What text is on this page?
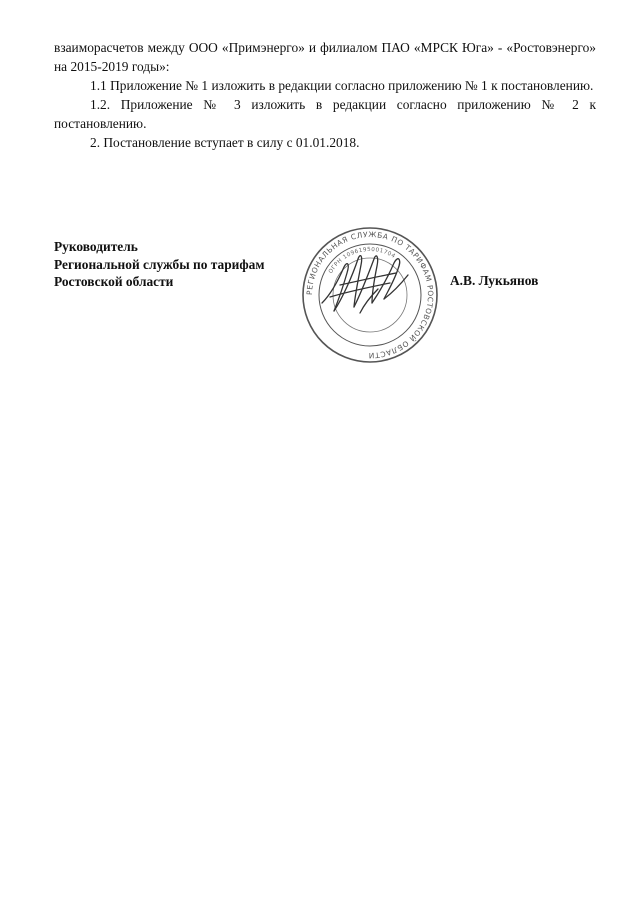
взаиморасчетов между ООО «Примэнерго» и филиалом ПАО «МРСК Юга» - «Ростовэнерго» на 2015-2019 годы»:

1.1 Приложение № 1 изложить в редакции согласно приложению № 1 к постановлению.

1.2. Приложение № 3 изложить в редакции согласно приложению № 2 к постановлению.

2. Постановление вступает в силу с 01.01.2018.

Руководитель
Региональной службы по тарифам
Ростовской области
РЕГИОНАЛЬНАЯ СЛУЖБА ПО ТАРИФАМ РОСТОВСКОЙ ОБЛАСТИ
ОГРН 1096195001704
А.В. Лукьянов
